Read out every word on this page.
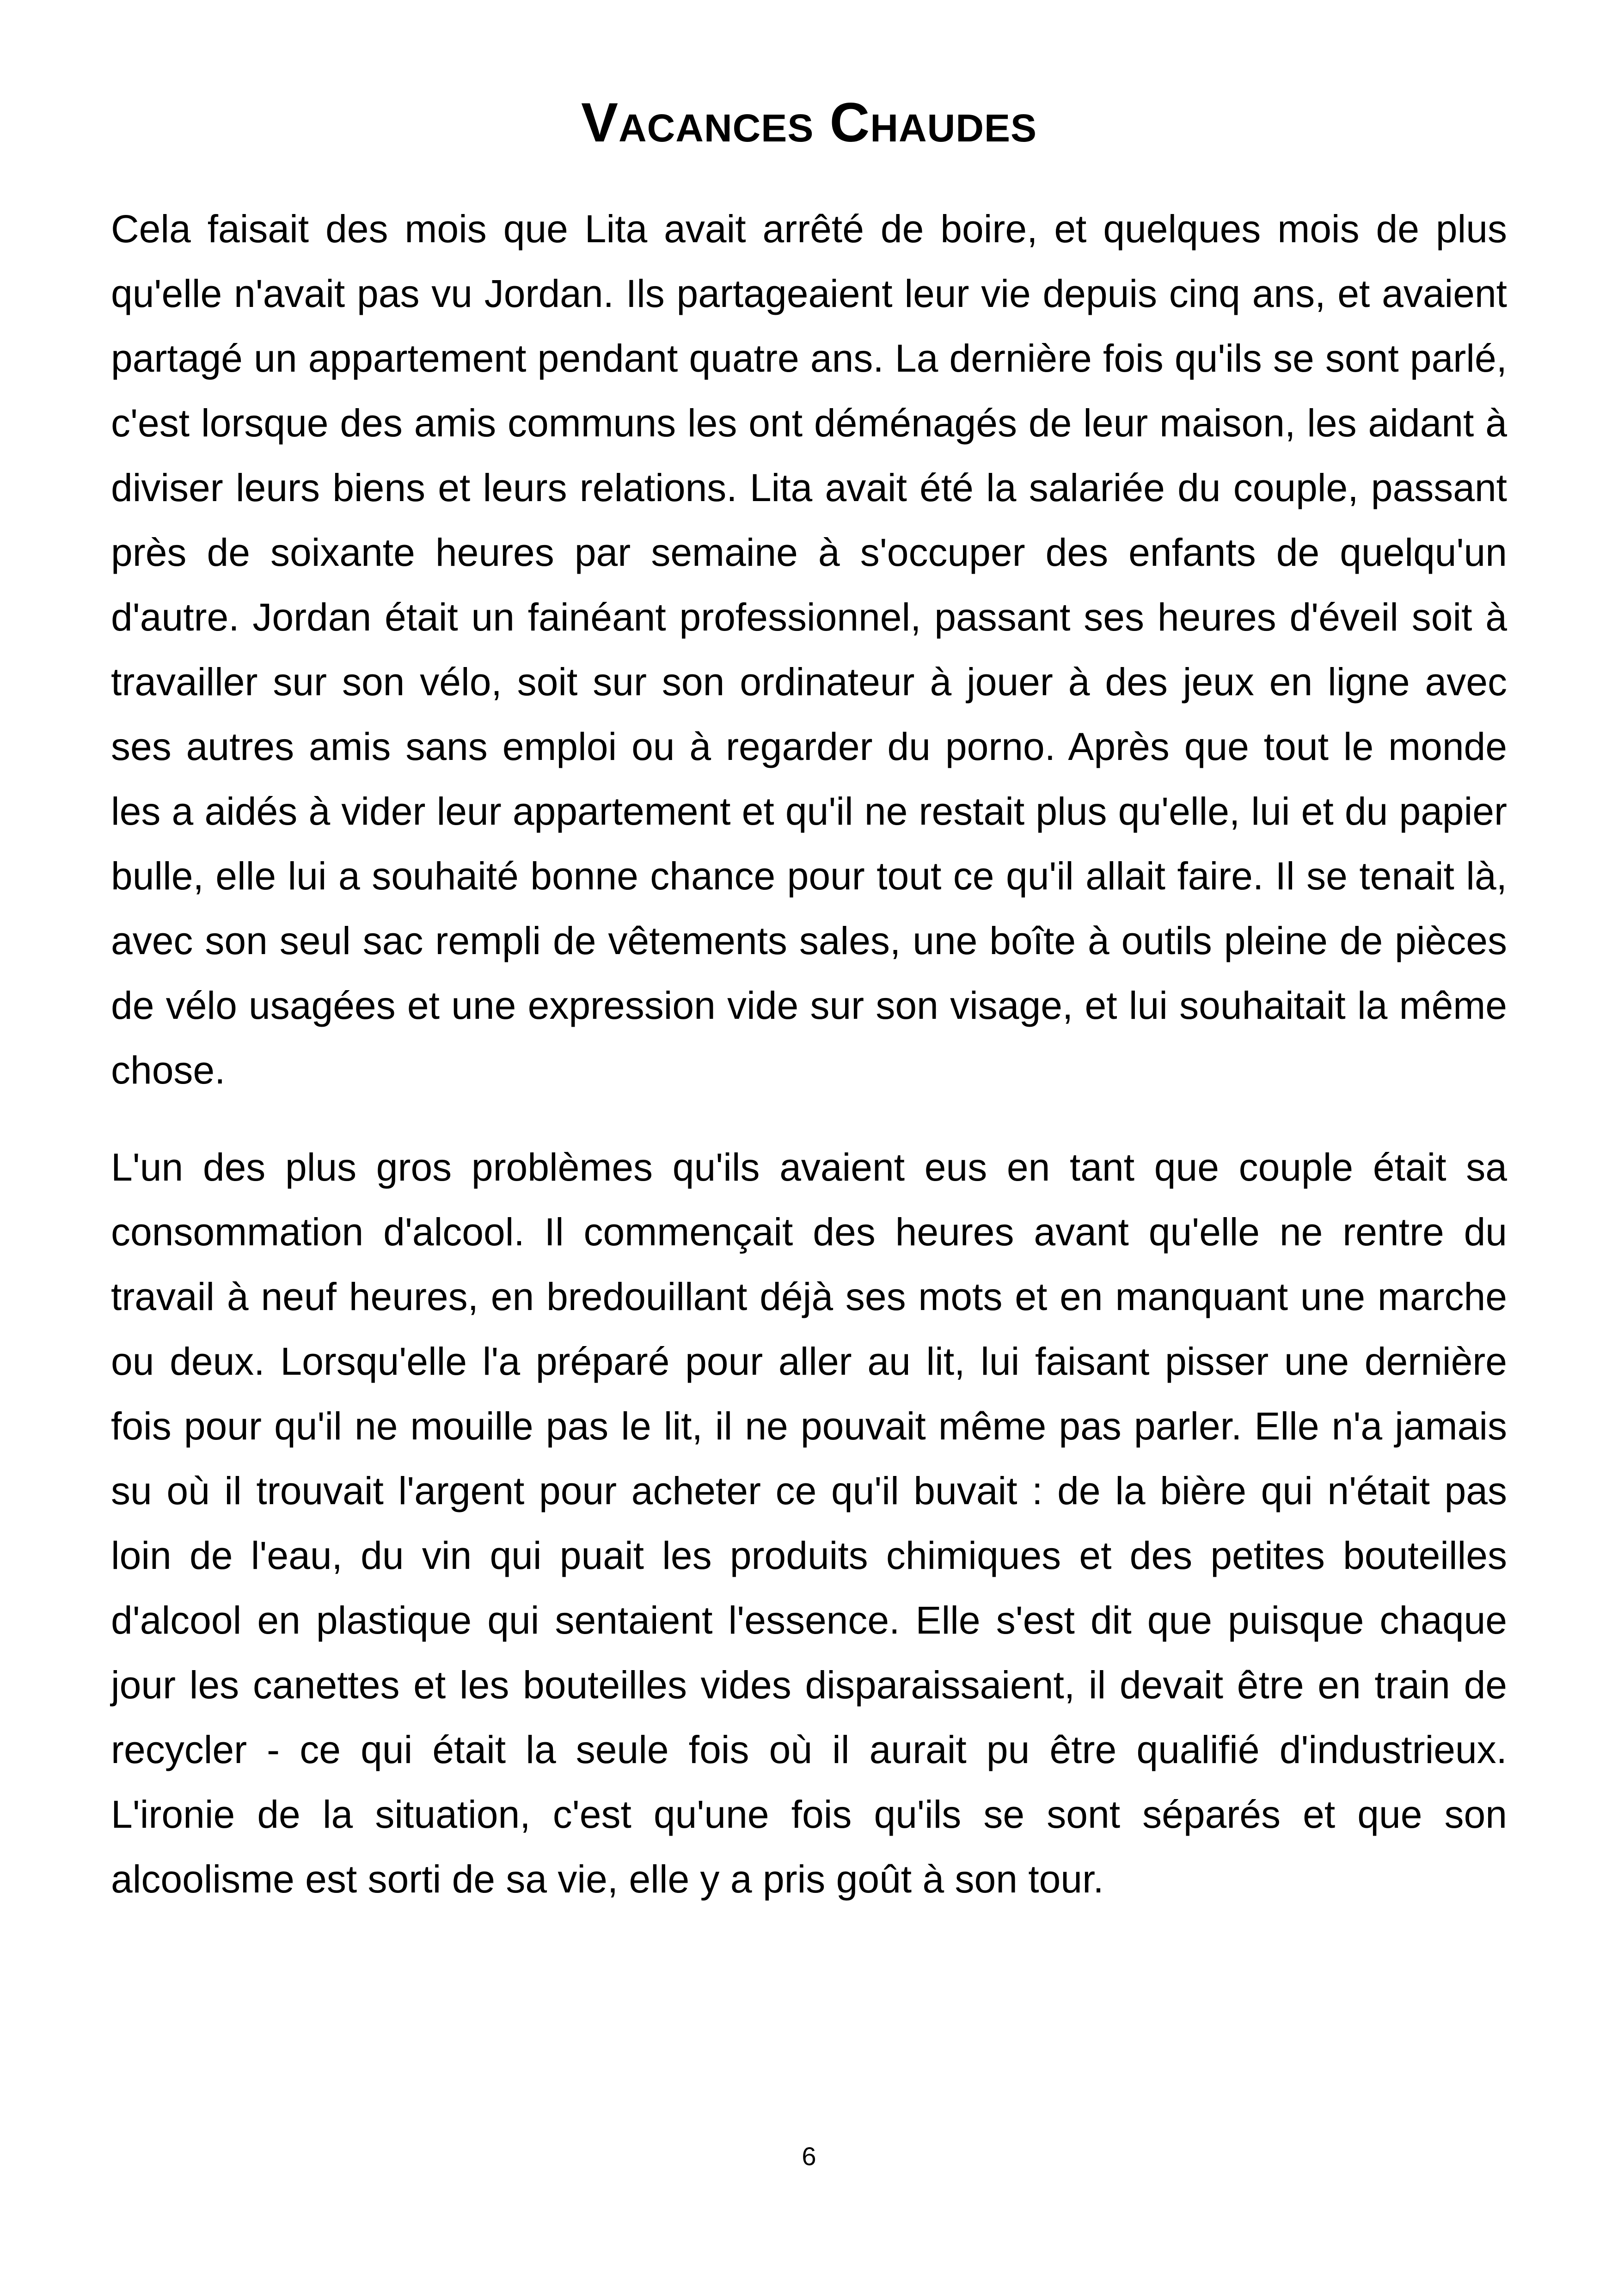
Vacances Chaudes

Cela faisait des mois que Lita avait arrêté de boire, et quelques mois de plus qu'elle n'avait pas vu Jordan. Ils partageaient leur vie depuis cinq ans, et avaient partagé un appartement pendant quatre ans. La dernière fois qu'ils se sont parlé, c'est lorsque des amis communs les ont déménagés de leur maison, les aidant à diviser leurs biens et leurs relations. Lita avait été la salariée du couple, passant près de soixante heures par semaine à s'occuper des enfants de quelqu'un d'autre. Jordan était un fainéant professionnel, passant ses heures d'éveil soit à travailler sur son vélo, soit sur son ordinateur à jouer à des jeux en ligne avec ses autres amis sans emploi ou à regarder du porno. Après que tout le monde les a aidés à vider leur appartement et qu'il ne restait plus qu'elle, lui et du papier bulle, elle lui a souhaité bonne chance pour tout ce qu'il allait faire. Il se tenait là, avec son seul sac rempli de vêtements sales, une boîte à outils pleine de pièces de vélo usagées et une expression vide sur son visage, et lui souhaitait la même chose.

L'un des plus gros problèmes qu'ils avaient eus en tant que couple était sa consommation d'alcool. Il commençait des heures avant qu'elle ne rentre du travail à neuf heures, en bredouillant déjà ses mots et en manquant une marche ou deux. Lorsqu'elle l'a préparé pour aller au lit, lui faisant pisser une dernière fois pour qu'il ne mouille pas le lit, il ne pouvait même pas parler. Elle n'a jamais su où il trouvait l'argent pour acheter ce qu'il buvait : de la bière qui n'était pas loin de l'eau, du vin qui puait les produits chimiques et des petites bouteilles d'alcool en plastique qui sentaient l'essence. Elle s'est dit que puisque chaque jour les canettes et les bouteilles vides disparaissaient, il devait être en train de recycler - ce qui était la seule fois où il aurait pu être qualifié d'industrieux. L'ironie de la situation, c'est qu'une fois qu'ils se sont séparés et que son alcoolisme est sorti de sa vie, elle y a pris goût à son tour.

6
